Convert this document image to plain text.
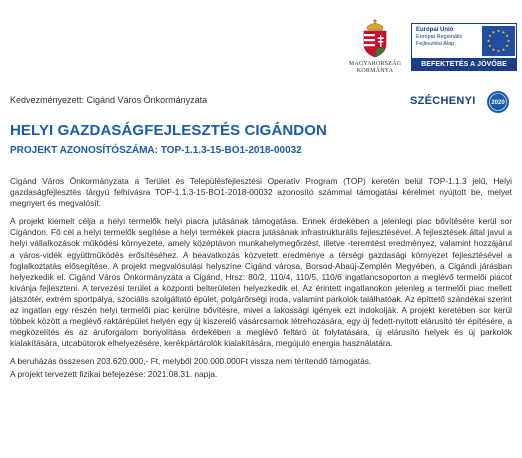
MAGYARORSZÁG
KORMÁNYA
Európai Unió
Európai Regionális
Fejlesztési Alap
BEFEKTETÉS A JÖVŐBE
Kedvezményezett: Cigánd Város Önkormányzata	SZÉCHENYI	2020
HELYI GAZDASÁGFEJLESZTÉS CIGÁNDON
PROJEKT AZONOSÍTÓSZÁMA: TOP-1.1.3-15-BO1-2018-00032

Cigánd Város Önkormányzata a Terület és Településfejlesztési Operatív Program (TOP) keretén belül TOP-1.1.3 jelű, Helyi gazdaságfejlesztés tárgyú felhívásra TOP-1.1.3-15-BO1-2018-00032 azonosító számmal támogatási kérelmet nyújtott be, melyet megnyert és megvalósít.

A projekt kiemelt célja a helyi termelők helyi piacra jutásának támogatása. Ennek érdekében a jelenlegi piac bővítésére kerül sor Cigándon. Fő cél a helyi termelők segítése a helyi termékek piacra jutásának infrastrukturális fejlesztésével. A fejlesztések által javul a helyi vállalkozások működési környezete, amely középtávon munkahelymegőrzést, illetve -teremtést eredményez, valamint hozzájárul a város-vidék együttműködés erősítéséhez. A beavatkozás közvetett eredménye a térségi gazdasági környezet fejlesztésével a foglalkoztatás elősegítése. A projekt megvalósulási helyszíne Cigánd városa, Borsod-Abaúj-Zemplén Megyében, a Cigándi járásban helyezkedik el. Cigánd Város Önkormányzata a Cigánd, Hrsz: 80/2, 110/4, 110/5, 110/6 ingatlancsoporton a meglévő termelői piacot kívánja fejleszteni. A tervezési terület a központi belterületen helyezkedik el. Az érintett ingatlanokon jelenleg a termelői piac mellett játszótér, extrém sportpálya, szociális szolgáltató épület, polgárőrségi iroda, valamint parkolók találhatóak. Az építtető szándékai szerint az ingatlan egy részén helyi termelői piac kerülne bővítésre, mivel a lakossági igények ezt indokolják. A projekt keretében sor kerül többek között a meglévő raktárépület helyén egy új kiszerelő vásárcsarnok létrehozására, egy új fedett-nyitott elárusító tér építésére, a megközelítés és az áruforgalom bonyolítása érdekében a meglévő feltáró út folytatására, új elárusító helyek és új parkolók kialakítására, utcabútorok elhelyezésére, kerékpártárolók kialakítására, megújuló energia használatára.

A beruházás összesen 203.620.000,- Ft, melyből 200.000.000Ft vissza nem térítendő támogatás.

A projekt tervezett fizikai befejezése: 2021.08.31. napja.
